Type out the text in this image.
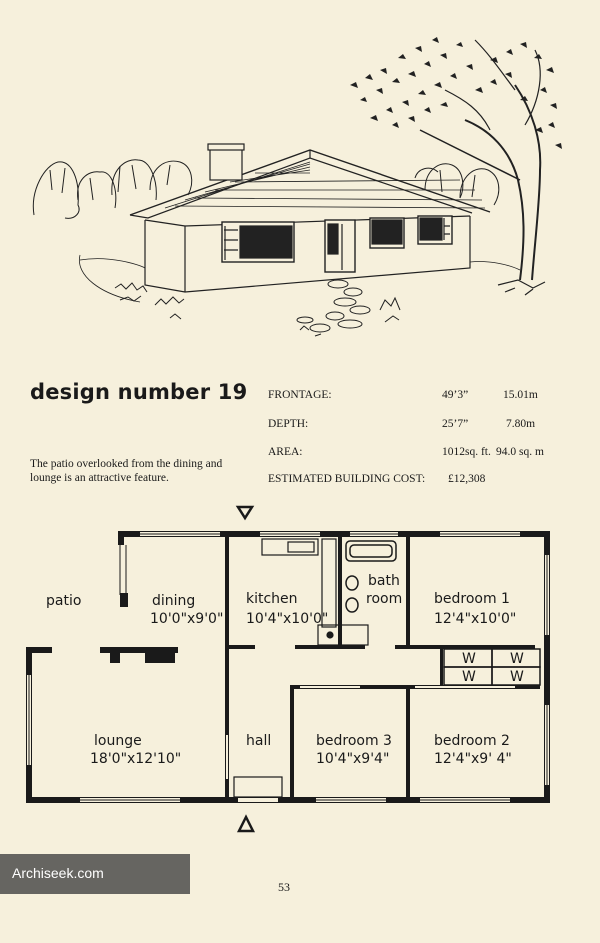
design number 19
The patio overlooked from the dining and lounge is an attractive feature.
FRONTAGE:	49’3”	15.01m
DEPTH:	25’7”	7.80m
AREA:	1012sq. ft. 94.0 sq. m
ESTIMATED BUILDING COST: £12,308
W W
W W
patio	dining
10'0"x9'0"
kitchen
10'4"x10'0"
bath
room bedroom 1
12'4"x10'0"
lounge
18'0"x12'10"
hall	bedroom 3
10'4"x9'4"
bedroom 2
12'4"x9' 4"
Archiseek.com
53
